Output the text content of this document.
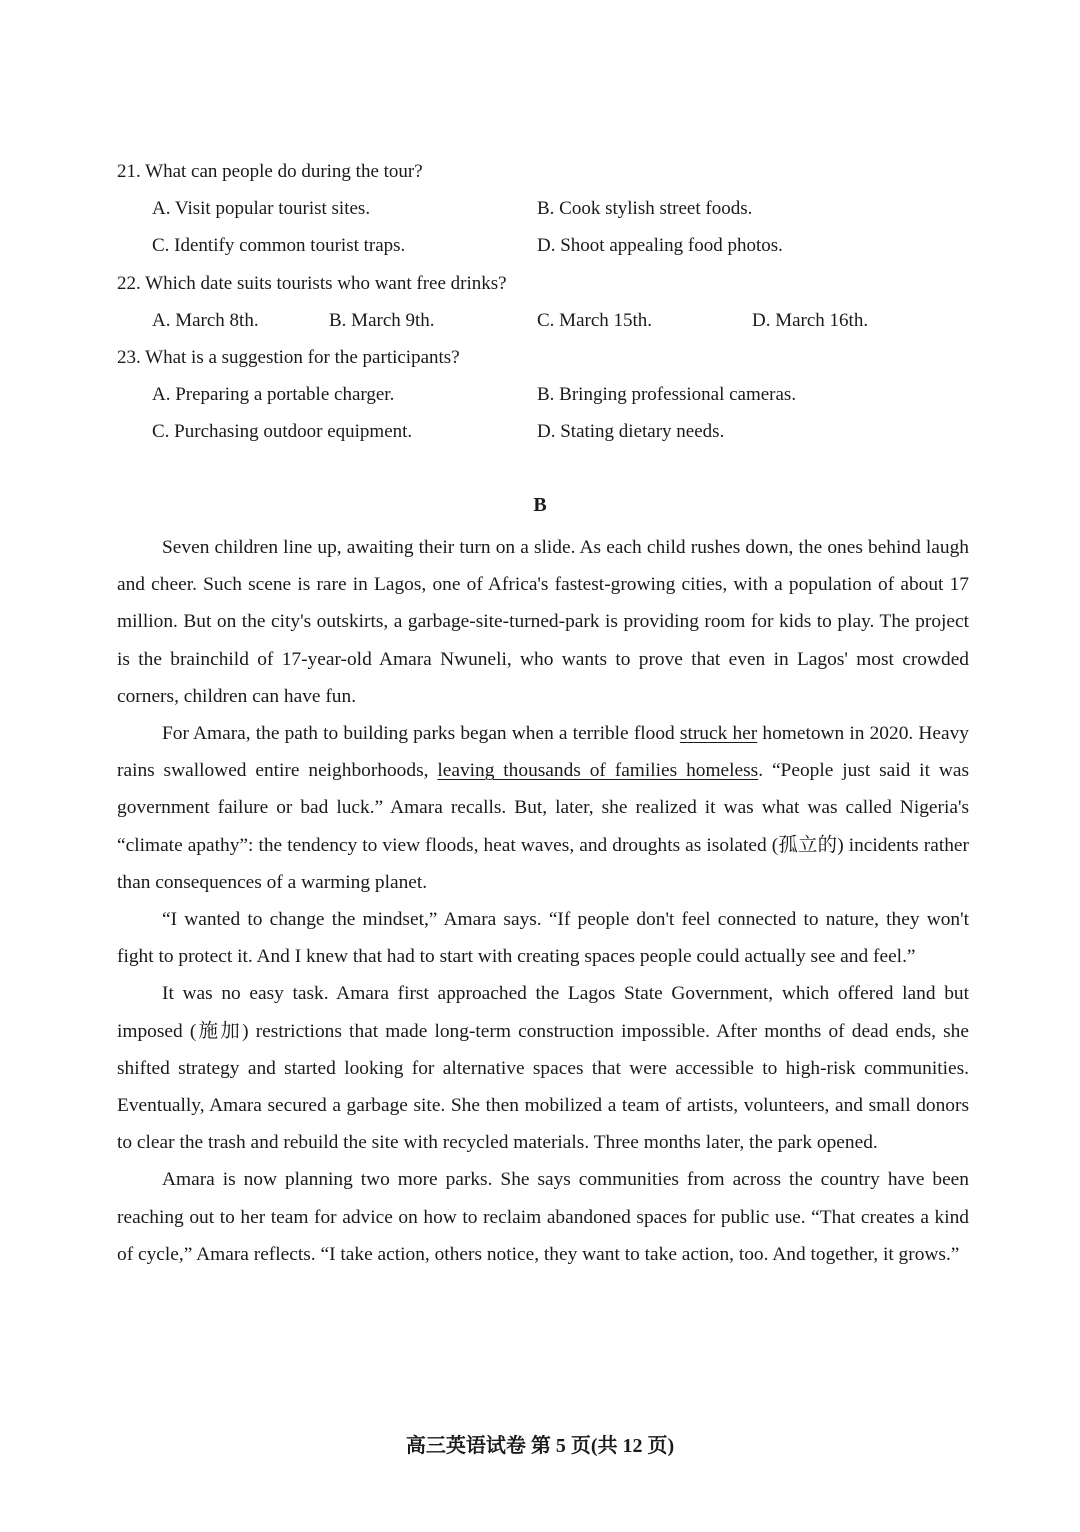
21. What can people do during the tour?
A. Visit popular tourist sites.	B. Cook stylish street foods.
C. Identify common tourist traps.	D. Shoot appealing food photos.
22. Which date suits tourists who want free drinks?
A. March 8th.	B. March 9th.	C. March 15th.	D. March 16th.
23. What is a suggestion for the participants?
A. Preparing a portable charger.	B. Bringing professional cameras.
C. Purchasing outdoor equipment.	D. Stating dietary needs.
B

Seven children line up, awaiting their turn on a slide. As each child rushes down, the ones behind laugh and cheer. Such scene is rare in Lagos, one of Africa's fastest-growing cities, with a population of about 17 million. But on the city's outskirts, a garbage-site-turned-park is providing room for kids to play. The project is the brainchild of 17-year-old Amara Nwuneli, who wants to prove that even in Lagos' most crowded corners, children can have fun.

For Amara, the path to building parks began when a terrible flood struck her hometown in 2020. Heavy rains swallowed entire neighborhoods, leaving thousands of families homeless. “People just said it was government failure or bad luck.” Amara recalls. But, later, she realized it was what was called Nigeria's “climate apathy”: the tendency to view floods, heat waves, and droughts as isolated (孤立的) incidents rather than consequences of a warming planet.

“I wanted to change the mindset,” Amara says. “If people don't feel connected to nature, they won't fight to protect it. And I knew that had to start with creating spaces people could actually see and feel.”

It was no easy task. Amara first approached the Lagos State Government, which offered land but imposed (施加) restrictions that made long-term construction impossible. After months of dead ends, she shifted strategy and started looking for alternative spaces that were accessible to high-risk communities. Eventually, Amara secured a garbage site. She then mobilized a team of artists, volunteers, and small donors to clear the trash and rebuild the site with recycled materials. Three months later, the park opened.

Amara is now planning two more parks. She says communities from across the country have been reaching out to her team for advice on how to reclaim abandoned spaces for public use. “That creates a kind of cycle,” Amara reflects. “I take action, others notice, they want to take action, too. And together, it grows.”

高三英语试卷 第 5 页(共 12 页)
